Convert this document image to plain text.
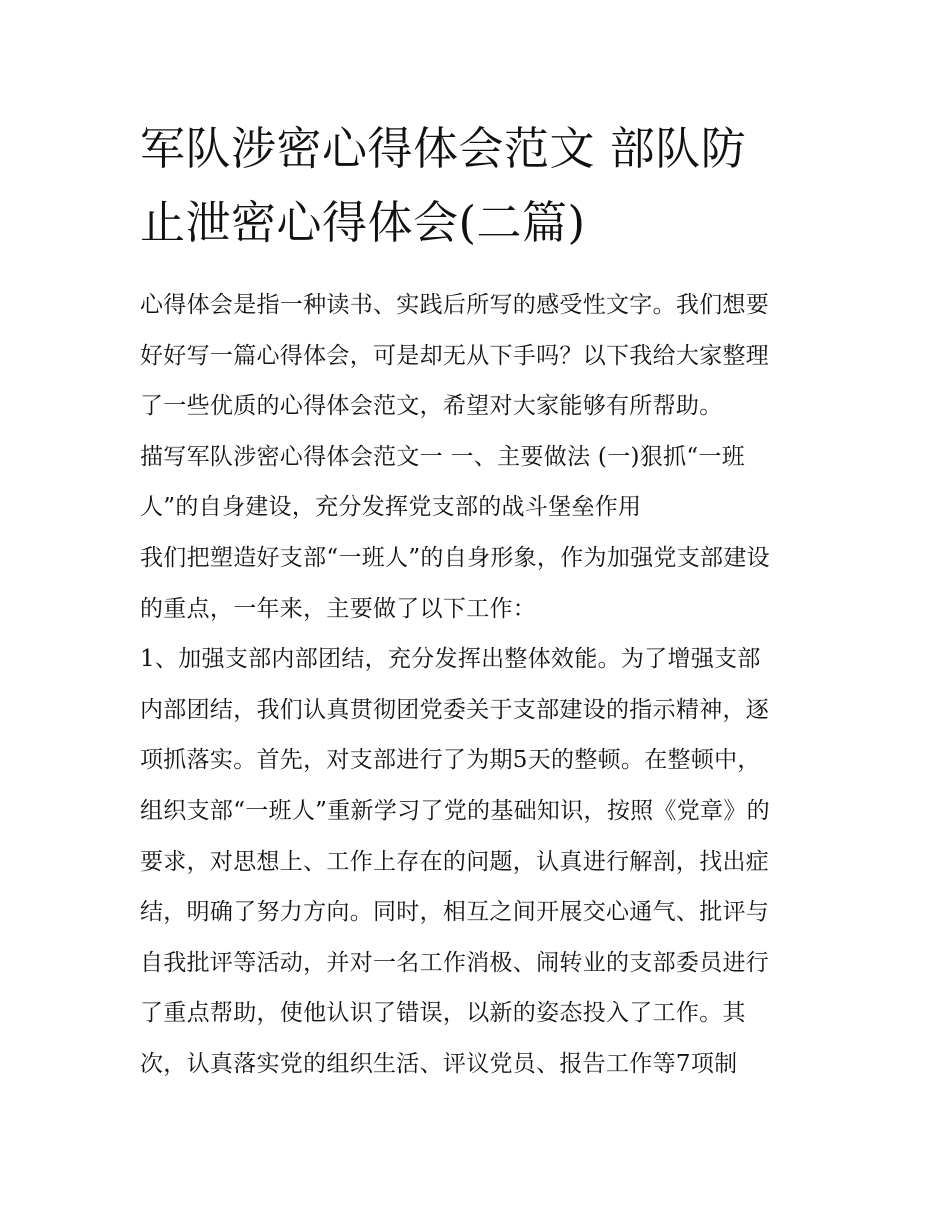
军队涉密心得体会范文 部队防
止泄密心得体会(二篇)
心得体会是指一种读书、实践后所写的感受性文字。我们想要
好好写一篇心得体会，可是却无从下手吗？以下我给大家整理
了一些优质的心得体会范文，希望对大家能够有所帮助。
描写军队涉密心得体会范文一 一、主要做法 (一)狠抓“一班
人”的自身建设，充分发挥党支部的战斗堡垒作用
我们把塑造好支部“一班人”的自身形象，作为加强党支部建设
的重点，一年来，主要做了以下工作：
1、加强支部内部团结，充分发挥出整体效能。为了增强支部
内部团结，我们认真贯彻团党委关于支部建设的指示精神，逐
项抓落实。首先，对支部进行了为期5天的整顿。在整顿中，
组织支部“一班人”重新学习了党的基础知识，按照《党章》的
要求，对思想上、工作上存在的问题，认真进行解剖，找出症
结，明确了努力方向。同时，相互之间开展交心通气、批评与
自我批评等活动，并对一名工作消极、闹转业的支部委员进行
了重点帮助，使他认识了错误，以新的姿态投入了工作。其
次，认真落实党的组织生活、评议党员、报告工作等7项制
